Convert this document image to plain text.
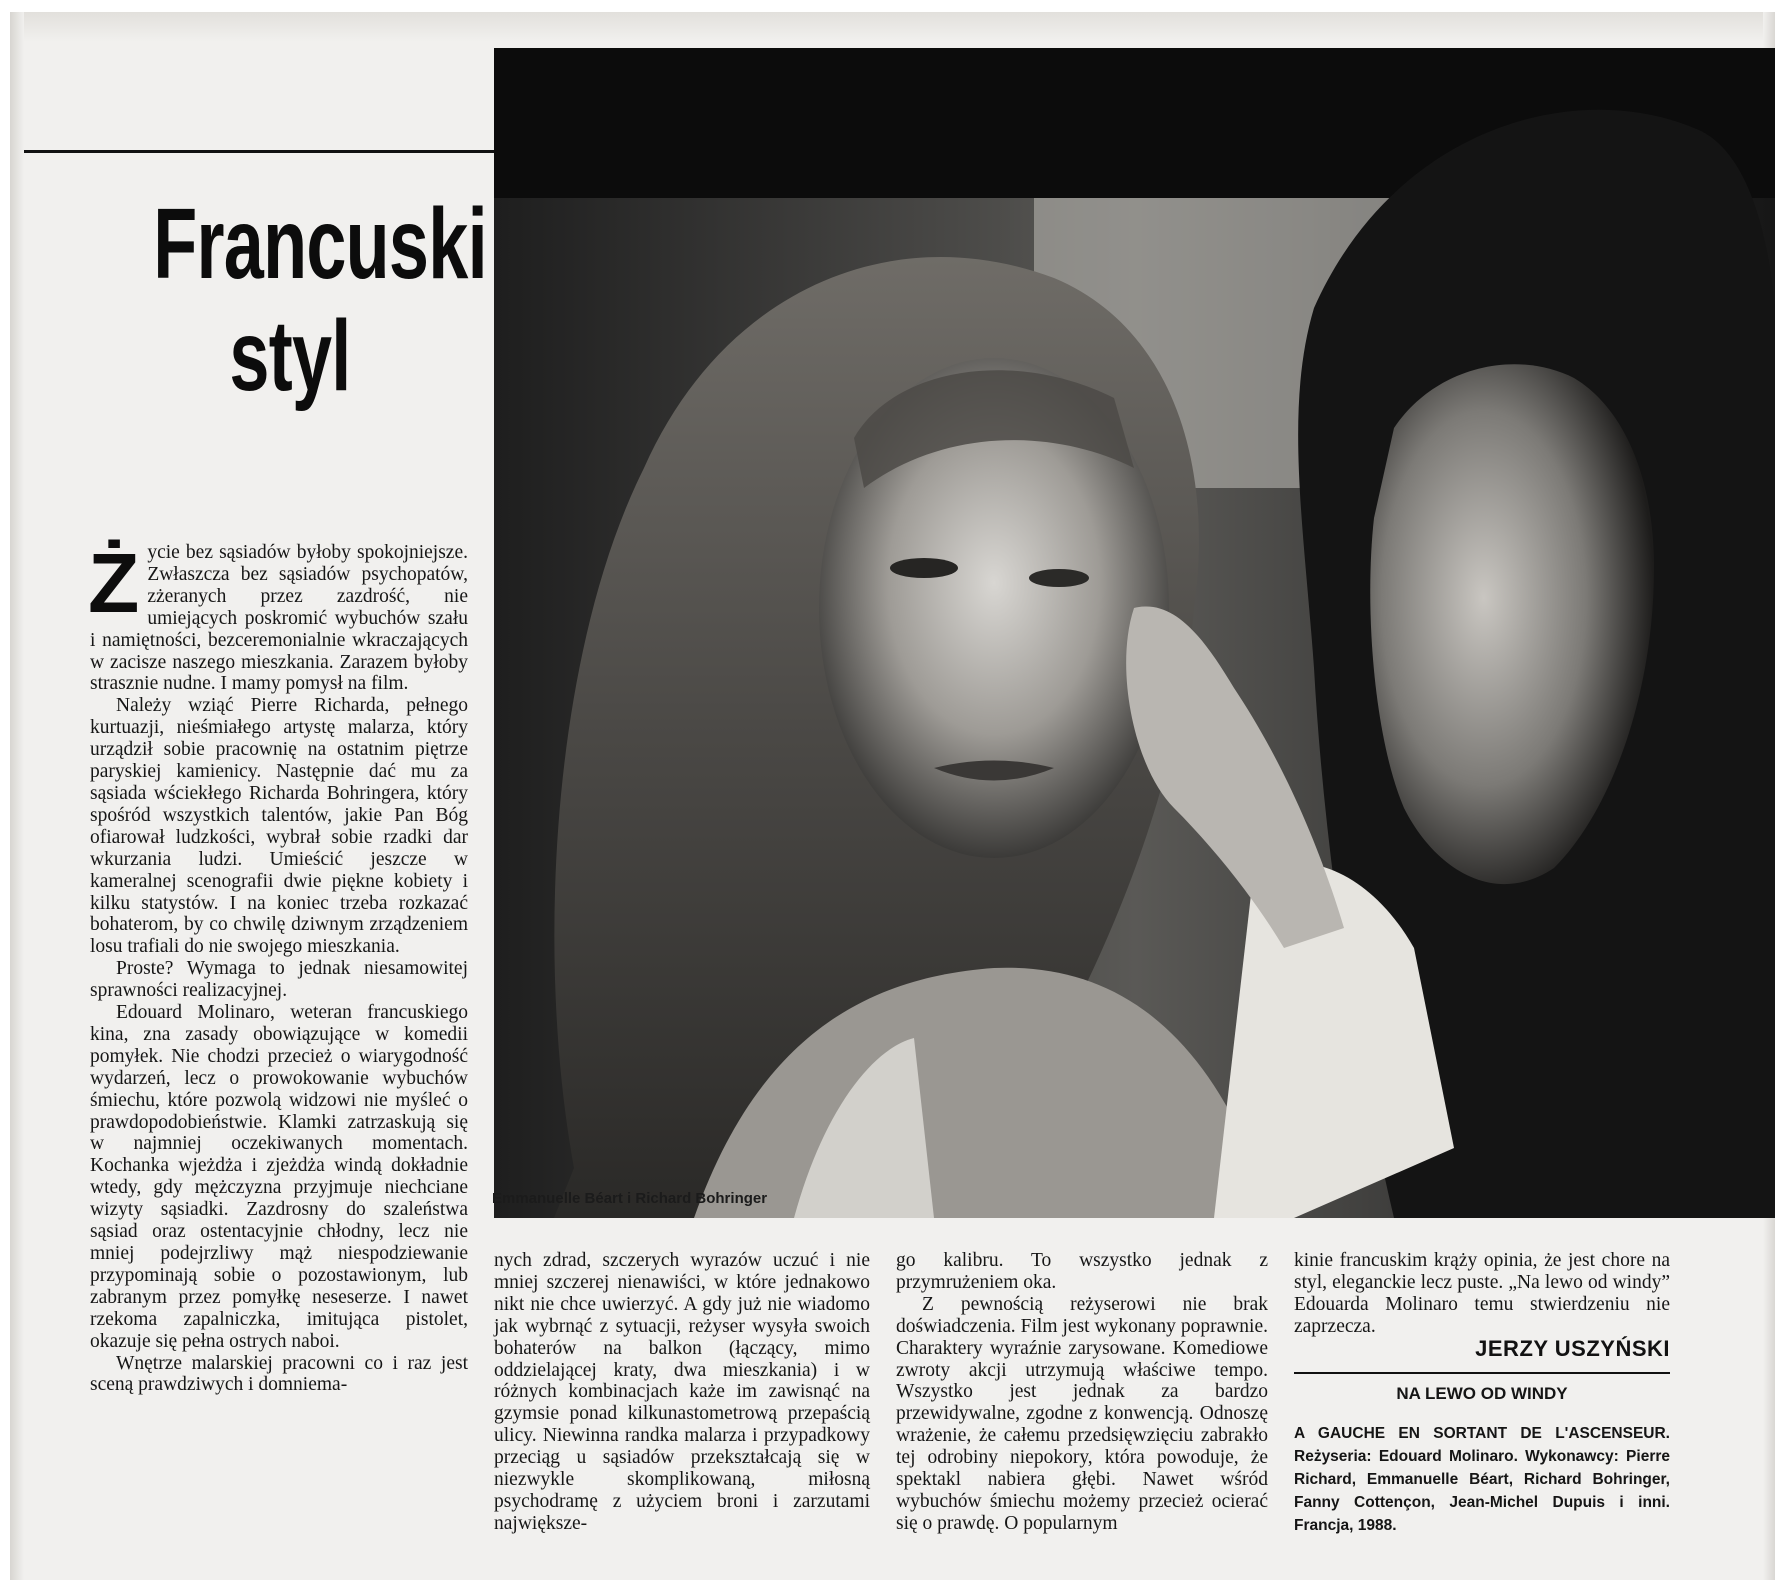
Francuski
styl
Emmanuelle Béart i Richard Bohringer
Ż ycie bez sąsiadów byłoby spokojniejsze. Zwłaszcza bez sąsiadów psychopatów, zżeranych przez zazdrość, nie umiejących poskromić wybuchów szału i namiętności, bezceremonialnie wkraczających w zacisze naszego mieszkania. Zarazem byłoby strasznie nudne. I mamy pomysł na film.

Należy wziąć Pierre Richarda, pełnego kurtuazji, nieśmiałego artystę malarza, który urządził sobie pracownię na ostatnim piętrze paryskiej kamienicy. Następnie dać mu za sąsiada wściekłego Richarda Bohringera, który spośród wszystkich talentów, jakie Pan Bóg ofiarował ludzkości, wybrał sobie rzadki dar wkurzania ludzi. Umieścić jeszcze w kameralnej scenografii dwie piękne kobiety i kilku statystów. I na koniec trzeba rozkazać bohaterom, by co chwilę dziwnym zrządzeniem losu trafiali do nie swojego mieszkania.

Proste? Wymaga to jednak niesamowitej sprawności realizacyjnej.

Edouard Molinaro, weteran francuskiego kina, zna zasady obowiązujące w komedii pomyłek. Nie chodzi przecież o wiarygodność wydarzeń, lecz o prowokowanie wybuchów śmiechu, które pozwolą widzowi nie myśleć o prawdopodobieństwie. Klamki zatrzaskują się w najmniej oczekiwanych momentach. Kochanka wjeżdża i zjeżdża windą dokładnie wtedy, gdy mężczyzna przyjmuje niechciane wizyty sąsiadki. Zazdrosny do szaleństwa sąsiad oraz ostentacyjnie chłodny, lecz nie mniej podejrzliwy mąż niespodziewanie przypominają sobie o pozostawionym, lub zabranym przez pomyłkę neseserze. I nawet rzekoma zapalniczka, imitująca pistolet, okazuje się pełna ostrych naboi.

Wnętrze malarskiej pracowni co i raz jest sceną prawdziwych i domniema-

nych zdrad, szczerych wyrazów uczuć i nie mniej szczerej nienawiści, w które jednakowo nikt nie chce uwierzyć. A gdy już nie wiadomo jak wybrnąć z sytuacji, reżyser wysyła swoich bohaterów na balkon (łączący, mimo oddzielającej kraty, dwa mieszkania) i w różnych kombinacjach każe im zawisnąć na gzymsie ponad kilkunastometrową przepaścią ulicy. Niewinna randka malarza i przypadkowy przeciąg u sąsiadów przekształcają się w niezwykle skomplikowaną, miłosną psychodramę z użyciem broni i zarzutami największe-

go kalibru. To wszystko jednak z przymrużeniem oka.

Z pewnością reżyserowi nie brak doświadczenia. Film jest wykonany poprawnie. Charaktery wyraźnie zarysowane. Komediowe zwroty akcji utrzymują właściwe tempo. Wszystko jest jednak za bardzo przewidywalne, zgodne z konwencją. Odnoszę wrażenie, że całemu przedsięwzięciu zabrakło tej odrobiny niepokory, która powoduje, że spektakl nabiera głębi. Nawet wśród wybuchów śmiechu możemy przecież ocierać się o prawdę. O popularnym

kinie francuskim krąży opinia, że jest chore na styl, eleganckie lecz puste. „Na lewo od windy” Edouarda Molinaro temu stwierdzeniu nie zaprzecza.

JERZY USZYŃSKI
NA LEWO OD WINDY
A GAUCHE EN SORTANT DE L'ASCENSEUR. Reżyseria: Edouard Molinaro. Wykonawcy: Pierre Richard, Emmanuelle Béart, Richard Bohringer, Fanny Cottençon, Jean-Michel Dupuis i inni. Francja, 1988.
